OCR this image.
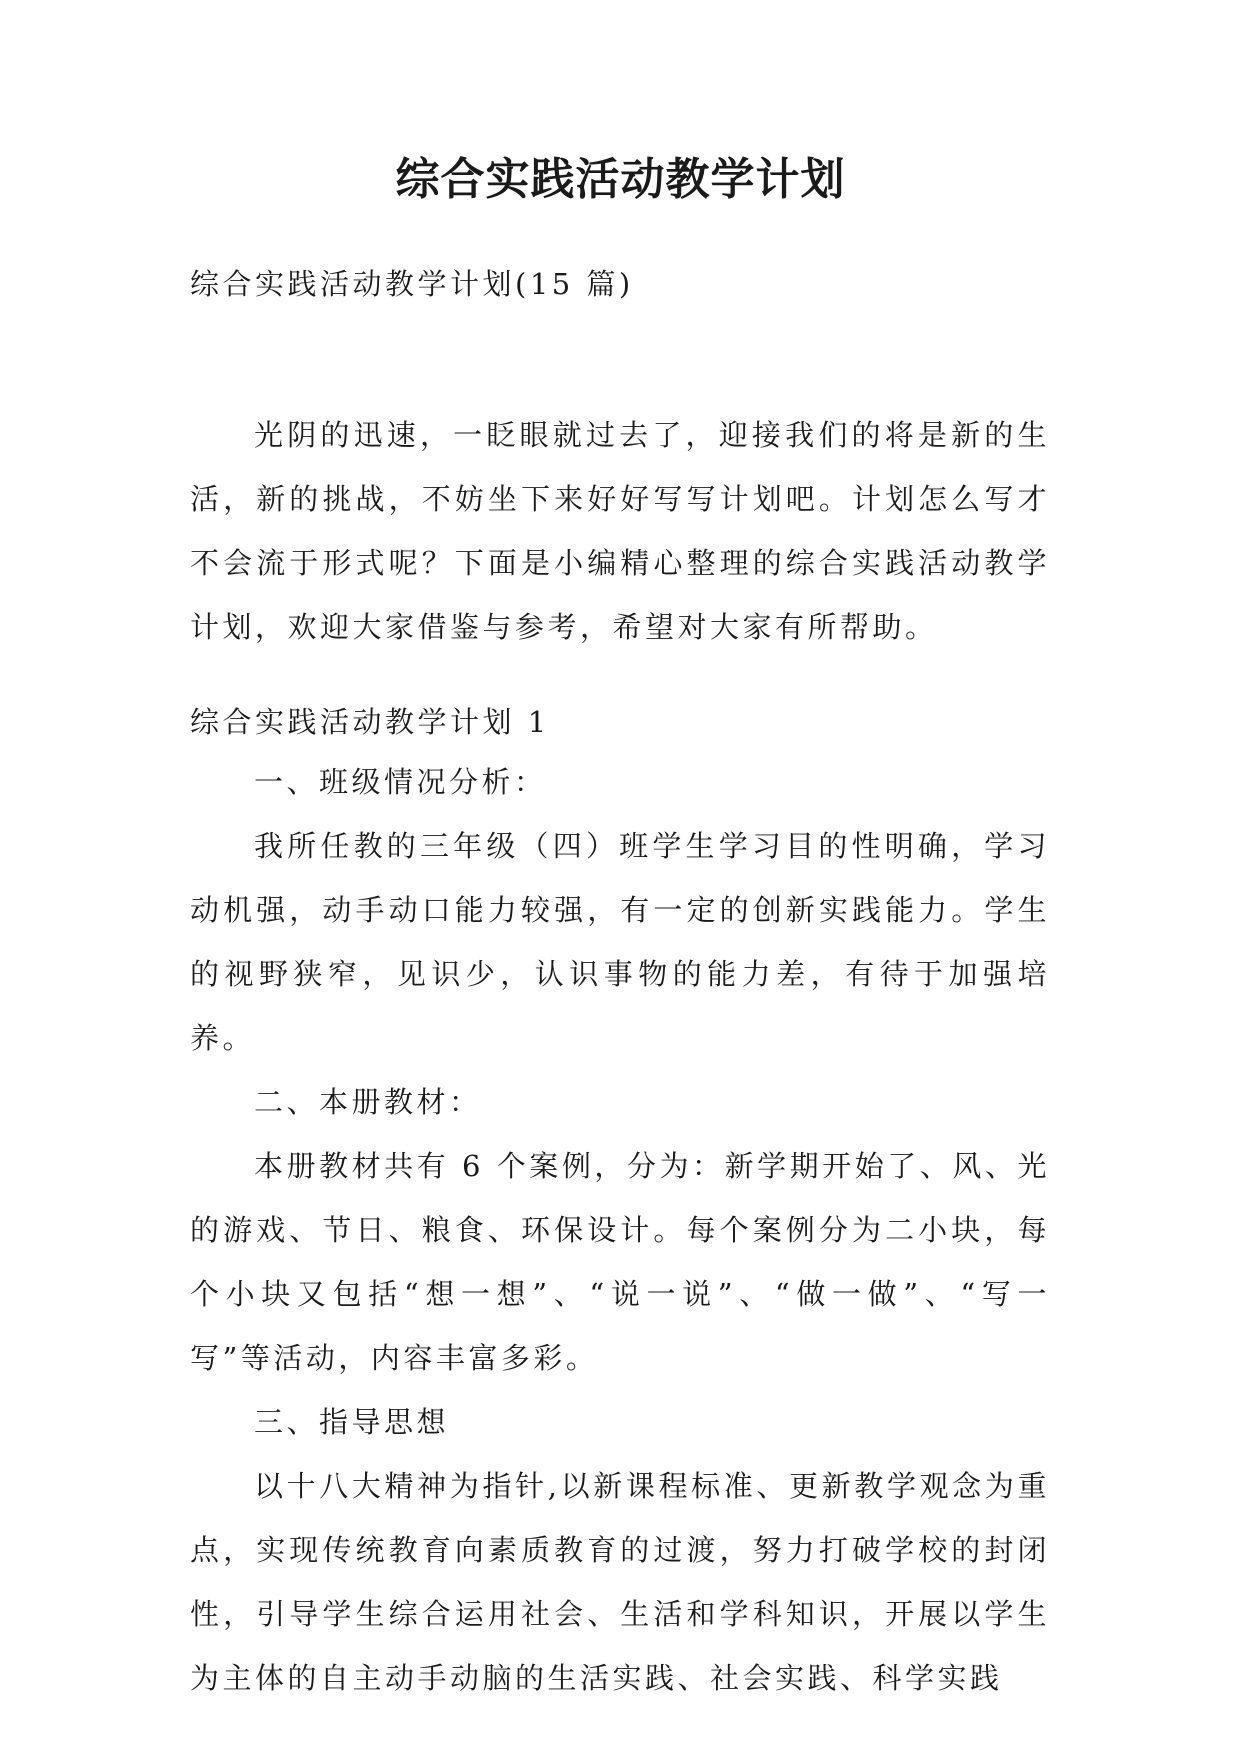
综合实践活动教学计划

综合实践活动教学计划(15 篇)

光阴的迅速，一眨眼就过去了，迎接我们的将是新的生活，新的挑战，不妨坐下来好好写写计划吧。计划怎么写才不会流于形式呢？下面是小编精心整理的综合实践活动教学计划，欢迎大家借鉴与参考，希望对大家有所帮助。

综合实践活动教学计划 1

一、班级情况分析：

我所任教的三年级（四）班学生学习目的性明确，学习动机强，动手动口能力较强，有一定的创新实践能力。学生的视野狭窄，见识少，认识事物的能力差，有待于加强培养。

二、本册教材：

本册教材共有 6 个案例，分为：新学期开始了、风、光的游戏、节日、粮食、环保设计。每个案例分为二小块，每个小块又包括“想一想”、“说一说”、“做一做”、“写一写”等活动，内容丰富多彩。

三、指导思想

以十八大精神为指针,以新课程标准、更新教学观念为重点，实现传统教育向素质教育的过渡，努力打破学校的封闭性，引导学生综合运用社会、生活和学科知识，开展以学生为主体的自主动手动脑的生活实践、社会实践、科学实践
